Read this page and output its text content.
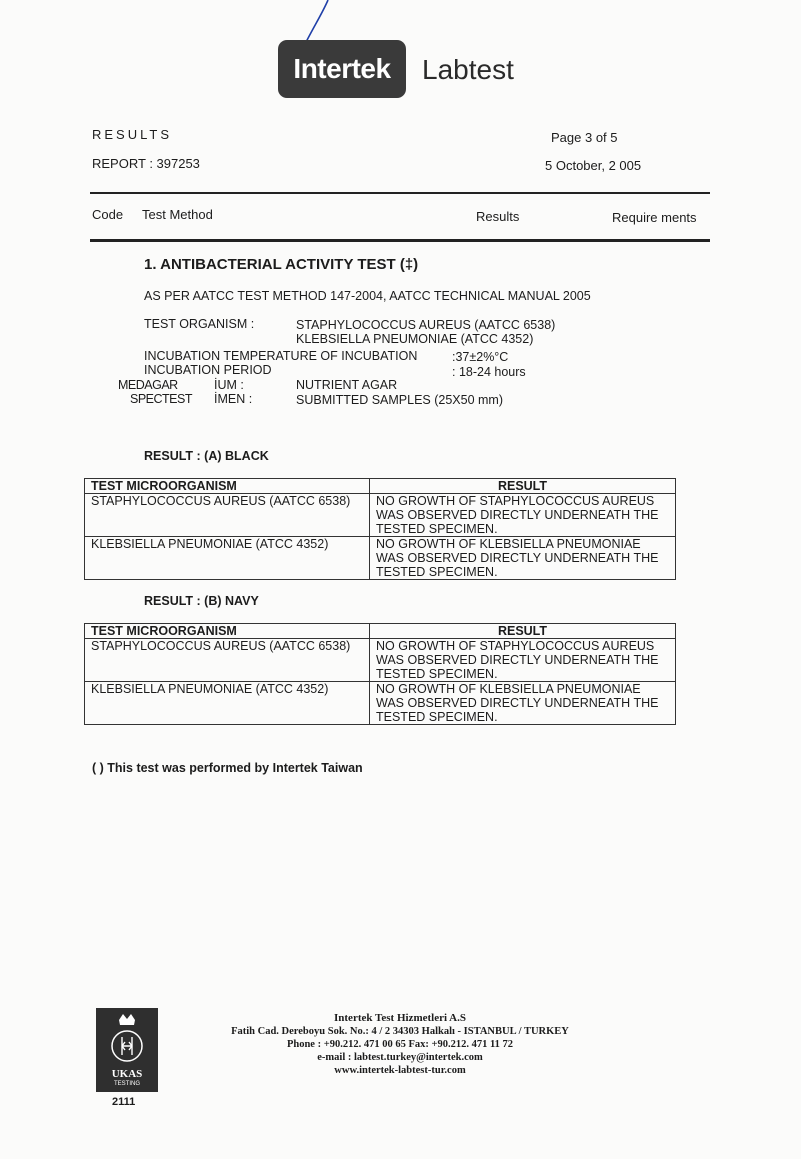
Intertek Labtest
RESULTS	Page 3 of 5
REPORT : 397253	5 October, 2 005
Code Test Method	Results	Require ments
1. ANTIBACTERIAL ACTIVITY TEST (‡)
AS PER AATCC TEST METHOD 147-2004, AATCC TECHNICAL MANUAL 2005
TEST ORGANISM :	STAPHYLOCOCCUS AUREUS (AATCC 6538)
KLEBSIELLA PNEUMONIAE (ATCC 4352)
INCUBATION TEMPERATURE OF INCUBATION	:37±2%°C
INCUBATION PERIOD	: 18-24 hours
MEDAGAR	İUM :	NUTRIENT AGAR
SPECTEST İMEN :	SUBMITTED SAMPLES (25X50 mm)
RESULT : (A) BLACK
TEST MICROORGANISM	RESULT
STAPHYLOCOCCUS AUREUS (AATCC 6538)	NO GROWTH OF STAPHYLOCOCCUS AUREUS
WAS OBSERVED DIRECTLY UNDERNEATH THE
TESTED SPECIMEN.

KLEBSIELLA PNEUMONIAE (ATCC 4352)	NO GROWTH OF KLEBSIELLA PNEUMONIAE
WAS OBSERVED DIRECTLY UNDERNEATH THE
TESTED SPECIMEN.
RESULT : (B) NAVY
TEST MICROORGANISM	RESULT
STAPHYLOCOCCUS AUREUS (AATCC 6538)	NO GROWTH OF STAPHYLOCOCCUS AUREUS
WAS OBSERVED DIRECTLY UNDERNEATH THE
TESTED SPECIMEN.

KLEBSIELLA PNEUMONIAE (ATCC 4352)	NO GROWTH OF KLEBSIELLA PNEUMONIAE
WAS OBSERVED DIRECTLY UNDERNEATH THE
TESTED SPECIMEN.
( ) This test was performed by Intertek Taiwan
UKAS
TESTING
2111
Intertek Test Hizmetleri A.S
Fatih Cad. Dereboyu Sok. No.: 4 / 2 34303 Halkalı - ISTANBUL / TURKEY
Phone : +90.212. 471 00 65 Fax: +90.212. 471 11 72
e-mail : labtest.turkey@intertek.com
www.intertek-labtest-tur.com
